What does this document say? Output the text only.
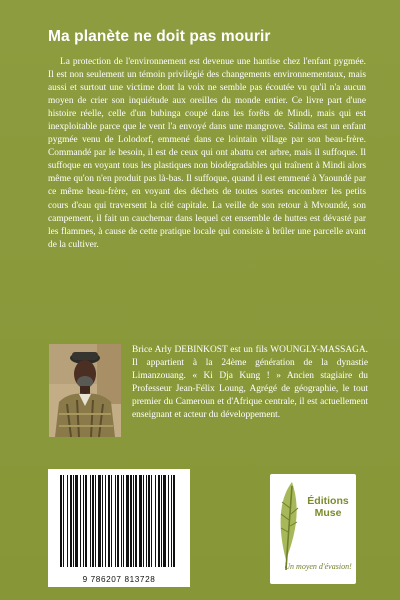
Ma planète ne doit pas mourir

La protection de l'environnement est devenue une hantise chez l'enfant pygmée. Il est non seulement un témoin privilégié des changements environnementaux, mais aussi et surtout une victime dont la voix ne semble pas écoutée vu qu'il n'a aucun moyen de crier son inquiétude aux oreilles du monde entier. Ce livre part d'une histoire réelle, celle d'un bubinga coupé dans les forêts de Mindi, mais qui est inexploitable parce que le vent l'a envoyé dans une mangrove. Salima est un enfant pygmée venu de Lolodorf, emmené dans ce lointain village par son beau-frère. Commandé par le besoin, il est de ceux qui ont abattu cet arbre, mais il suffoque. Il suffoque en voyant tous les plastiques non biodégradables qui traînent à Mindi alors même qu'on n'en produit pas là-bas. Il suffoque, quand il est emmené à Yaoundé par ce même beau-frère, en voyant des déchets de toutes sortes encombrer les petits cours d'eau qui traversent la cité capitale. La veille de son retour à Mvoundé, son campement, il fait un cauchemar dans lequel cet ensemble de huttes est dévasté par les flammes, à cause de cette pratique locale qui consiste à brûler une parcelle avant de la cultiver.

Brice Arly DEBINKOST est un fils WOUNGLY-MASSAGA. Il appartient à la 24ème génération de la dynastie Limanzouang. « Ki Dja Kung ! » Ancien stagiaire du Professeur Jean-Félix Loung, Agrégé de géographie, le tout premier du Cameroun et d'Afrique centrale, il est actuellement enseignant et acteur du développement.

9 786207 813728
Éditions
Muse
Un moyen d'évasion!
